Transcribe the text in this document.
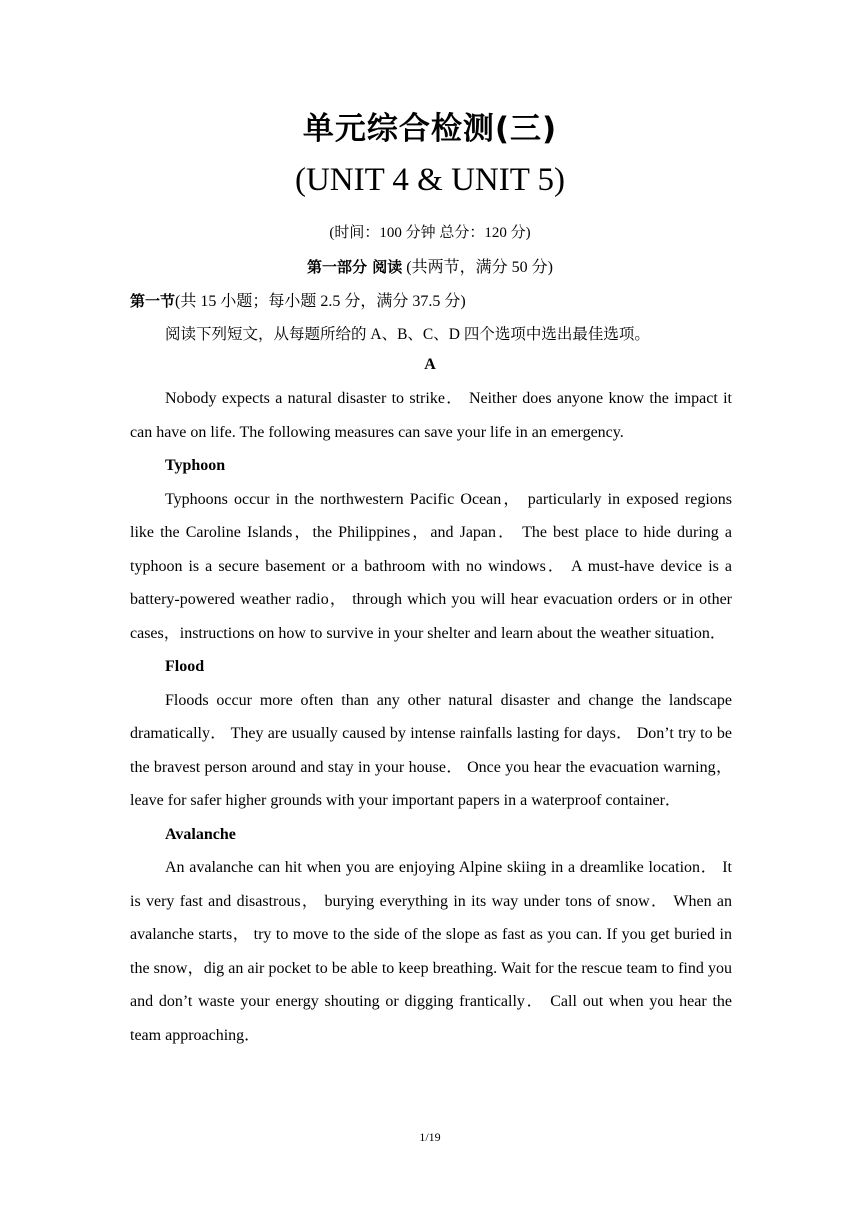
单元综合检测(三)
(UNIT 4 & UNIT 5)
(时间：100 分钟 总分：120 分)
第一部分 阅读 (共两节，满分 50 分)
第一节(共 15 小题；每小题 2.5 分，满分 37.5 分)
阅读下列短文，从每题所给的 A、B、C、D 四个选项中选出最佳选项。
A

Nobody expects a natural disaster to strike． Neither does anyone know the impact it can have on life. The following measures can save your life in an emergency.

Typhoon

Typhoons occur in the northwestern Pacific Ocean， particularly in exposed regions like the Caroline Islands，the Philippines，and Japan． The best place to hide during a typhoon is a secure basement or a bathroom with no windows． A must-have device is a battery-powered weather radio， through which you will hear evacuation orders or in other cases，instructions on how to survive in your shelter and learn about the weather situation．

Flood

Floods occur more often than any other natural disaster and change the landscape dramatically． They are usually caused by intense rainfalls lasting for days． Don’t try to be the bravest person around and stay in your house． Once you hear the evacuation warning， leave for safer higher grounds with your important papers in a waterproof container．

Avalanche

An avalanche can hit when you are enjoying Alpine skiing in a dreamlike location． It is very fast and disastrous， burying everything in its way under tons of snow． When an avalanche starts， try to move to the side of the slope as fast as you can. If you get buried in the snow，dig an air pocket to be able to keep breathing. Wait for the rescue team to find you and don’t waste your energy shouting or digging frantically． Call out when you hear the team approaching．

1/19
